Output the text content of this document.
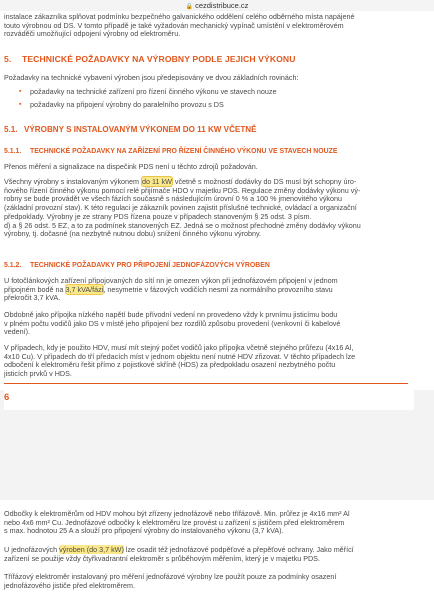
🔒 cezdistribuce.cz

instalace zákazníka splňovat podmínku bezpečného galvanického oddělení celého odběrného místa napájené

touto výrobnou od DS. V tomto případě je také vyžadován mechanický vypínač umístění v elektroměrovém

rozváděči umožňující odpojení výrobny od elektroměru.

5. TECHNICKÉ POŽADAVKY NA VÝROBNY PODLE JEJICH VÝKONU

Požadavky na technické vybavení výroben jsou předepisovány ve dvou základních rovinách:

▪ požadavky na technické zařízení pro řízení činného výkonu ve stavech nouze
▪ požadavky na připojení výrobny do paralelního provozu s DS

5.1. VÝROBNY S INSTALOVANÝM VÝKONEM DO 11 KW VČETNĚ

5.1.1. TECHNICKÉ POŽADAVKY NA ZAŘÍZENÍ PRO ŘÍZENÍ ČINNÉHO VÝKONU VE STAVECH NOUZE

Přenos měření a signalizace na dispečink PDS není u těchto zdrojů požadován.

Všechny výrobny s instalovaným výkonem do 11 kW včetně s možností dodávky do DS musí být schopny úro-

ňového řízení činného výkonu pomocí relé přijímače HDO v majetku PDS. Regulace změny dodávky výkonu vý-

robny se bude provádět ve všech fázích současně s následujícím úrovní 0 % a 100 % jmenovitého výkonu

(základní provozní stav). K této regulaci je zákazník povinen zajistit příslušné technické, ovládací a organizační

předpoklady. Výrobny je ze strany PDS řízena pouze v případech stanoveným § 25 odst. 3 písm.

d) a § 26 odst. 5 EZ, a to za podmínek stanovených EZ. Jedná se o možnost přechodné změny dodávky výkonu

výrobny, tj. dočasné (na nezbytně nutnou dobu) snížení činného výkonu výrobny.

5.1.2. TECHNICKÉ POŽADAVKY PRO PŘIPOJENÍ JEDNOFÁZOVÝCH VÝROBEN

U fotočlánkových zařízení připojovaných do sítí nn je omezen výkon při jednofázovém připojení v jednom

připojném bodě na 3,7 kVA/fázi, nesymetrie v fázových vodičích nesmí za normálního provozního stavu

překročit 3,7 kVA.

Obdobně jako přípojka nízkého napětí bude přívodní vedení nn provedeno vždy k prvnímu jisticímu bodu

v plném počtu vodičů jako DS v místě jeho připojení bez rozdílů způsobu provedení (venkovní či kabelové

vedení).

V případech, kdy je použito HDV, musí mít stejný počet vodičů jako přípojka včetně stejného průřezu (4x16 Al,

4x10 Cu). V případech do tří předacích míst v jednom objektu není nutné HDV zřizovat. V těchto případech lze

odbočení k elektroměru řešit přímo z pojistkové skříně (HDS) za předpokladu osazení nezbytného počtu

jisticích prvků v HDS.

6

Odbočky k elektroměrům od HDV mohou být zřízeny jednofázově nebo třífázově. Min. průřez je 4x16 mm² Al

nebo 4x6 mm² Cu. Jednofázové odbočky k elektroměru lze provést u zařízení s jističem před elektroměrem

s max. hodnotou 25 A a slouží pro připojení výrobny do instalovaného výkonu (3,7 kVA).

U jednofázových výroben (do 3,7 kW) lze osadit též jednofázové podpěťové a přepěťové ochrany. Jako měřící

zařízení se použije vždy čtyřkvadrantní elektroměr s průběhovým měřením, který je v majetku PDS.

Třífázový elektroměr instalovaný pro měření jednofázové výrobny lze použít pouze za podmínky osazení

jednofázového jističe před elektroměrem.
